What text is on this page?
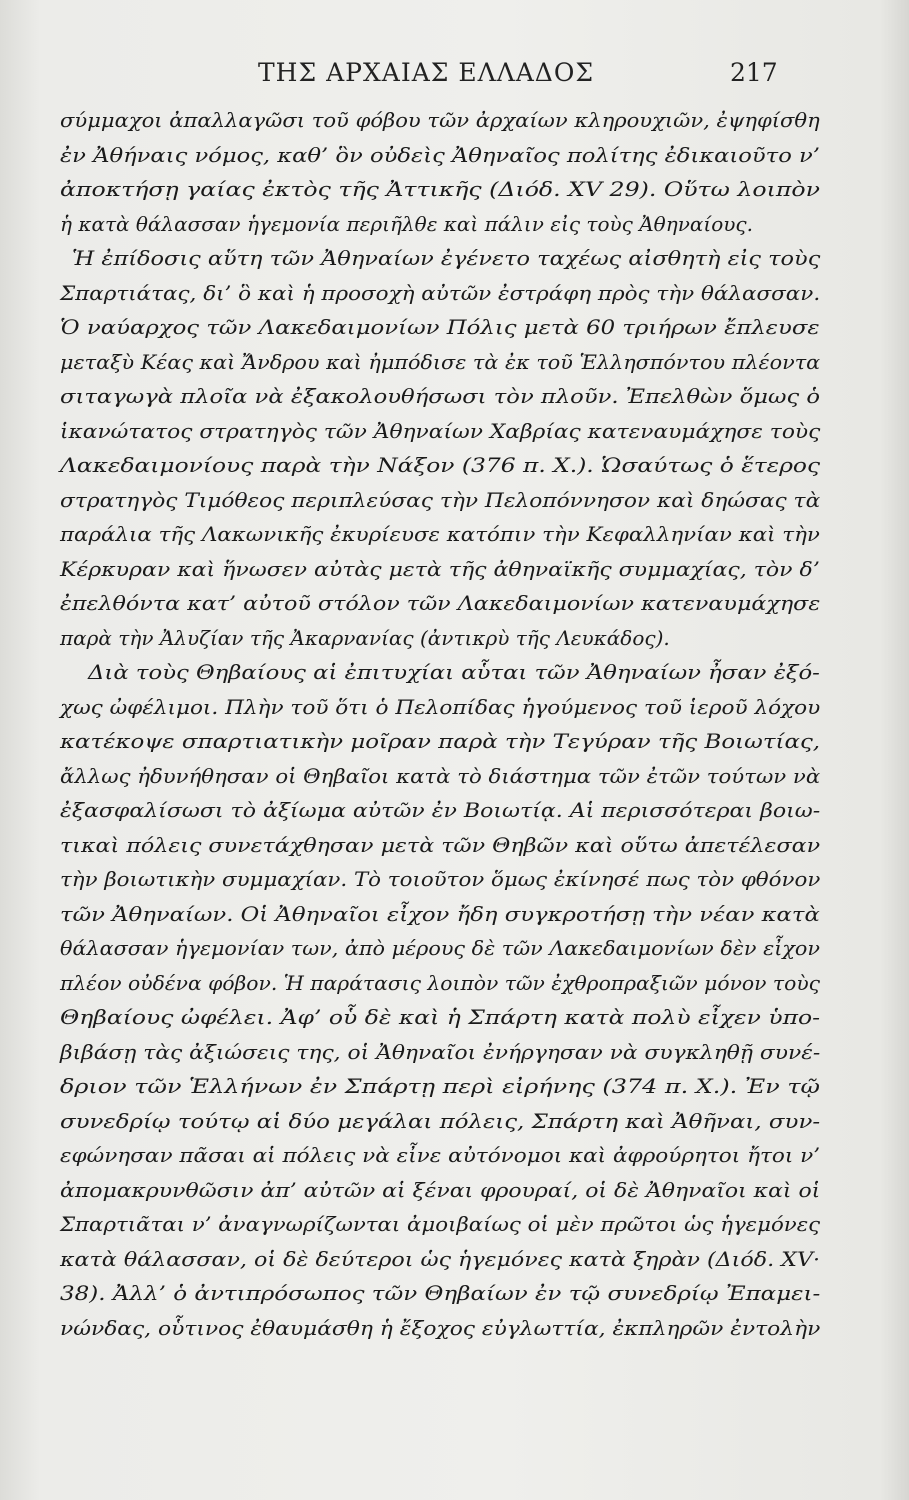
ΤΗΣ ΑΡΧΑΙΑΣ ΕΛΛΑΔΟΣ	217
σύμμαχοι ἀπαλλαγῶσι τοῦ φόβου τῶν ἀρχαίων κληρουχιῶν, ἐψηφίσθη
ἐν Ἀθήναις νόμος, καθ’ ὃν οὐδεὶς Ἀθηναῖος πολίτης ἐδικαιοῦτο ν’
ἀποκτήσῃ γαίας ἐκτὸς τῆς Ἀττικῆς (Διόδ. XV 29). Οὕτω λοιπὸν
ἡ κατὰ θάλασσαν ἡγεμονία περιῆλθε καὶ πάλιν εἰς τοὺς Ἀθηναίους.
Ἡ ἐπίδοσις αὕτη τῶν Ἀθηναίων ἐγένετο ταχέως αἰσθητὴ εἰς τοὺς
Σπαρτιάτας, δι’ ὃ καὶ ἡ προσοχὴ αὐτῶν ἐστράφη πρὸς τὴν θάλασσαν.
Ὁ ναύαρχος τῶν Λακεδαιμονίων Πόλις μετὰ 60 τριήρων ἔπλευσε
μεταξὺ Κέας καὶ Ἄνδρου καὶ ἠμπόδισε τὰ ἐκ τοῦ Ἑλλησπόντου πλέοντα
σιταγωγὰ πλοῖα νὰ ἐξακολουθήσωσι τὸν πλοῦν. Ἐπελθὼν ὅμως ὁ
ἱκανώτατος στρατηγὸς τῶν Ἀθηναίων Χαβρίας κατεναυμάχησε τοὺς
Λακεδαιμονίους παρὰ τὴν Νάξον (376 π. Χ.). Ὡσαύτως ὁ ἕτερος
στρατηγὸς Τιμόθεος περιπλεύσας τὴν Πελοπόννησον καὶ δηώσας τὰ
παράλια τῆς Λακωνικῆς ἐκυρίευσε κατόπιν τὴν Κεφαλληνίαν καὶ τὴν
Κέρκυραν καὶ ἥνωσεν αὐτὰς μετὰ τῆς ἀθηναϊκῆς συμμαχίας, τὸν δ’
ἐπελθόντα κατ’ αὐτοῦ στόλον τῶν Λακεδαιμονίων κατεναυμάχησε
παρὰ τὴν Ἀλυζίαν τῆς Ἀκαρνανίας (ἀντικρὺ τῆς Λευκάδος).
Διὰ τοὺς Θηβαίους αἱ ἐπιτυχίαι αὗται τῶν Ἀθηναίων ἦσαν ἐξό-
χως ὠφέλιμοι. Πλὴν τοῦ ὅτι ὁ Πελοπίδας ἡγούμενος τοῦ ἱεροῦ λόχου
κατέκοψε σπαρτιατικὴν μοῖραν παρὰ τὴν Τεγύραν τῆς Βοιωτίας,
ἄλλως ἠδυνήθησαν οἱ Θηβαῖοι κατὰ τὸ διάστημα τῶν ἐτῶν τούτων νὰ
ἐξασφαλίσωσι τὸ ἀξίωμα αὐτῶν ἐν Βοιωτίᾳ. Αἱ περισσότεραι βοιω-
τικαὶ πόλεις συνετάχθησαν μετὰ τῶν Θηβῶν καὶ οὕτω ἀπετέλεσαν
τὴν βοιωτικὴν συμμαχίαν. Τὸ τοιοῦτον ὅμως ἐκίνησέ πως τὸν φθόνον
τῶν Ἀθηναίων. Οἱ Ἀθηναῖοι εἶχον ἤδη συγκροτήσῃ τὴν νέαν κατὰ
θάλασσαν ἡγεμονίαν των, ἀπὸ μέρους δὲ τῶν Λακεδαιμονίων δὲν εἶχον
πλέον οὐδένα φόβον. Ἡ παράτασις λοιπὸν τῶν ἐχθροπραξιῶν μόνον τοὺς
Θηβαίους ὠφέλει. Ἀφ’ οὗ δὲ καὶ ἡ Σπάρτη κατὰ πολὺ εἶχεν ὑπο-
βιβάσῃ τὰς ἀξιώσεις της, οἱ Ἀθηναῖοι ἐνήργησαν νὰ συγκληθῇ συνέ-
δριον τῶν Ἑλλήνων ἐν Σπάρτῃ περὶ εἰρήνης (374 π. Χ.). Ἐν τῷ
συνεδρίῳ τούτῳ αἱ δύο μεγάλαι πόλεις, Σπάρτη καὶ Ἀθῆναι, συν-
εφώνησαν πᾶσαι αἱ πόλεις νὰ εἶνε αὐτόνομοι καὶ ἀφρούρητοι ἤτοι ν’
ἀπομακρυνθῶσιν ἀπ’ αὐτῶν αἱ ξέναι φρουραί, οἱ δὲ Ἀθηναῖοι καὶ οἱ
Σπαρτιᾶται ν’ ἀναγνωρίζωνται ἀμοιβαίως οἱ μὲν πρῶτοι ὡς ἡγεμόνες
κατὰ θάλασσαν, οἱ δὲ δεύτεροι ὡς ἡγεμόνες κατὰ ξηρὰν (Διόδ. XV·
38). Ἀλλ’ ὁ ἀντιπρόσωπος τῶν Θηβαίων ἐν τῷ συνεδρίῳ Ἐπαμει-
νώνδας, οὗτινος ἐθαυμάσθη ἡ ἔξοχος εὐγλωττία, ἐκπληρῶν ἐντολὴν
